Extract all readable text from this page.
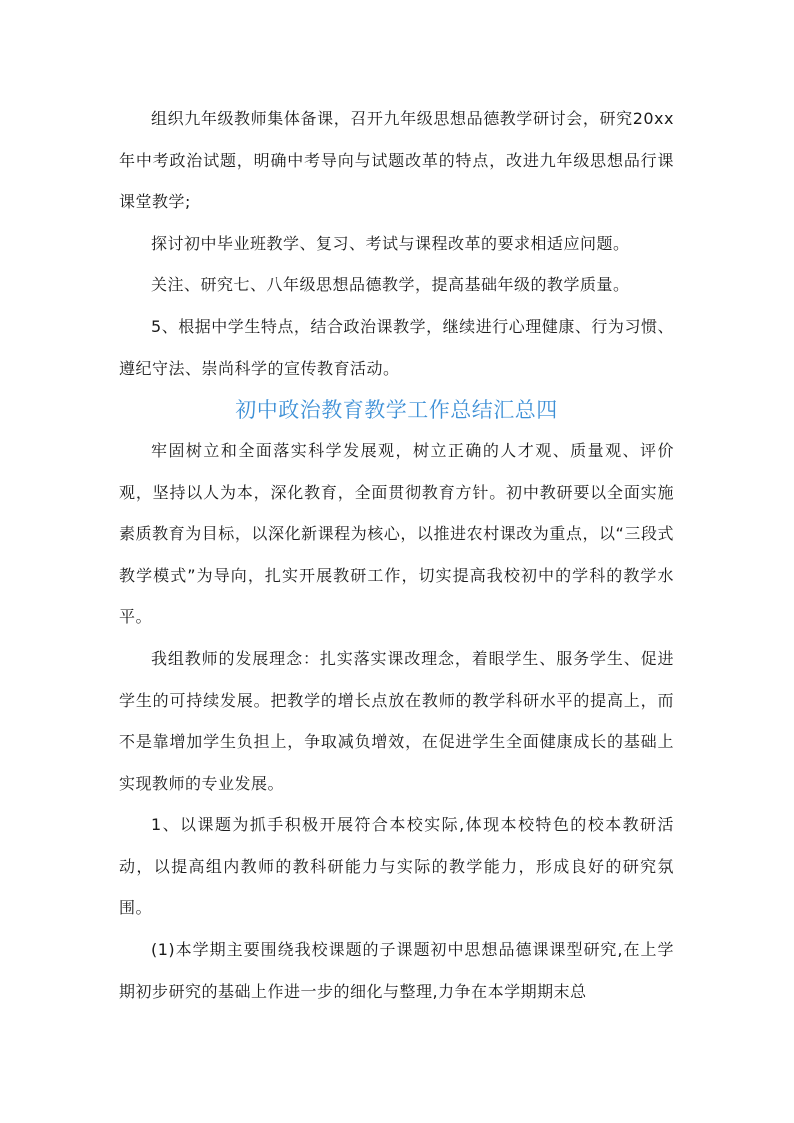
组织九年级教师集体备课，召开九年级思想品德教学研讨会，研究20xx 年中考政治试题，明确中考导向与试题改革的特点，改进九年级思想品行课课堂教学;

探讨初中毕业班教学、复习、考试与课程改革的要求相适应问题。

关注、研究七、八年级思想品德教学，提高基础年级的教学质量。

5、根据中学生特点，结合政治课教学，继续进行心理健康、行为习惯、遵纪守法、崇尚科学的宣传教育活动。

初中政治教育教学工作总结汇总四

牢固树立和全面落实科学发展观，树立正确的人才观、质量观、评价观，坚持以人为本，深化教育，全面贯彻教育方针。初中教研要以全面实施素质教育为目标，以深化新课程为核心，以推进农村课改为重点，以“三段式教学模式”为导向，扎实开展教研工作，切实提高我校初中的学科的教学水平。

我组教师的发展理念：扎实落实课改理念，着眼学生、服务学生、促进学生的可持续发展。把教学的增长点放在教师的教学科研水平的提高上，而不是靠增加学生负担上，争取减负增效，在促进学生全面健康成长的基础上实现教师的专业发展。

1、以课题为抓手积极开展符合本校实际,体现本校特色的校本教研活动，以提高组内教师的教科研能力与实际的教学能力，形成良好的研究氛围。

(1)本学期主要围绕我校课题的子课题初中思想品德课课型研究,在上学期初步研究的基础上作进一步的细化与整理,力争在本学期期末总
